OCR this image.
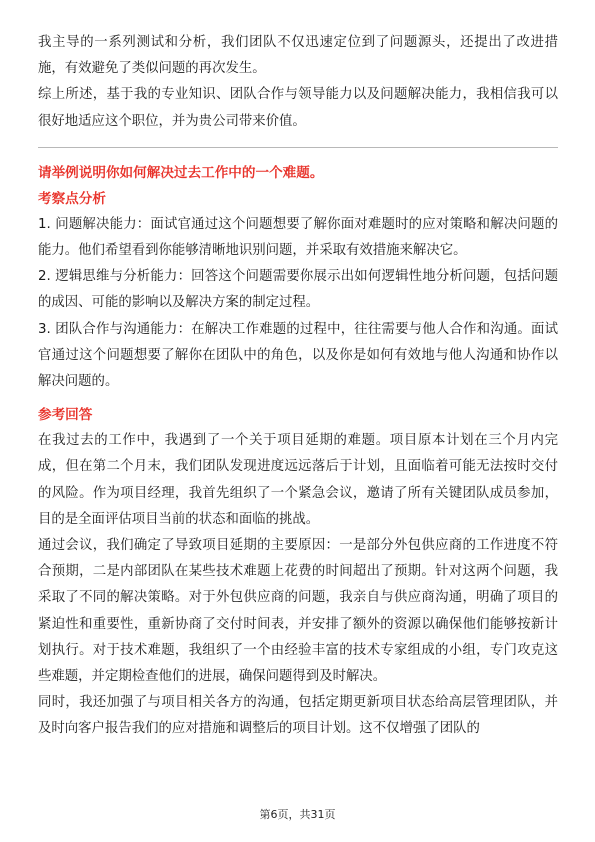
我主导的一系列测试和分析，我们团队不仅迅速定位到了问题源头，还提出了改进措施，有效避免了类似问题的再次发生。

综上所述，基于我的专业知识、团队合作与领导能力以及问题解决能力，我相信我可以很好地适应这个职位，并为贵公司带来价值。

请举例说明你如何解决过去工作中的一个难题。
考察点分析

1. 问题解决能力：面试官通过这个问题想要了解你面对难题时的应对策略和解决问题的能力。他们希望看到你能够清晰地识别问题，并采取有效措施来解决它。

2. 逻辑思维与分析能力：回答这个问题需要你展示出如何逻辑性地分析问题，包括问题的成因、可能的影响以及解决方案的制定过程。

3. 团队合作与沟通能力：在解决工作难题的过程中，往往需要与他人合作和沟通。面试官通过这个问题想要了解你在团队中的角色，以及你是如何有效地与他人沟通和协作以解决问题的。

参考回答

在我过去的工作中，我遇到了一个关于项目延期的难题。项目原本计划在三个月内完成，但在第二个月末，我们团队发现进度远远落后于计划，且面临着可能无法按时交付的风险。作为项目经理，我首先组织了一个紧急会议，邀请了所有关键团队成员参加，目的是全面评估项目当前的状态和面临的挑战。

通过会议，我们确定了导致项目延期的主要原因：一是部分外包供应商的工作进度不符合预期，二是内部团队在某些技术难题上花费的时间超出了预期。针对这两个问题，我采取了不同的解决策略。对于外包供应商的问题，我亲自与供应商沟通，明确了项目的紧迫性和重要性，重新协商了交付时间表，并安排了额外的资源以确保他们能够按新计划执行。对于技术难题，我组织了一个由经验丰富的技术专家组成的小组，专门攻克这些难题，并定期检查他们的进展，确保问题得到及时解决。

同时，我还加强了与项目相关各方的沟通，包括定期更新项目状态给高层管理团队，并及时向客户报告我们的应对措施和调整后的项目计划。这不仅增强了团队的

第6页，共31页
